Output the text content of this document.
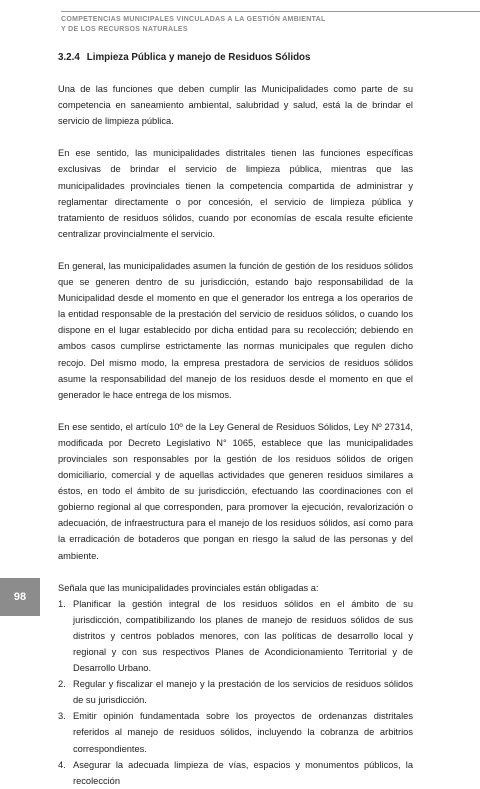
COMPETENCIAS MUNICIPALES VINCULADAS A LA GESTIÓN AMBIENTAL
Y DE LOS RECURSOS NATURALES
3.2.4 Limpieza Pública y manejo de Residuos Sólidos

Una de las funciones que deben cumplir las Municipalidades como parte de su competencia en saneamiento ambiental, salubridad y salud, está la de brindar el servicio de limpieza pública.

En ese sentido, las municipalidades distritales tienen las funciones específicas exclusivas de brindar el servicio de limpieza pública, mientras que las municipalidades provinciales tienen la competencia compartida de administrar y reglamentar directamente o por concesión, el servicio de limpieza pública y tratamiento de residuos sólidos, cuando por economías de escala resulte eficiente centralizar provincialmente el servicio.

En general, las municipalidades asumen la función de gestión de los residuos sólidos que se generen dentro de su jurisdicción, estando bajo responsabilidad de la Municipalidad desde el momento en que el generador los entrega a los operarios de la entidad responsable de la prestación del servicio de residuos sólidos, o cuando los dispone en el lugar establecido por dicha entidad para su recolección; debiendo en ambos casos cumplirse estrictamente las normas municipales que regulen dicho recojo. Del mismo modo, la empresa prestadora de servicios de residuos sólidos asume la responsabilidad del manejo de los residuos desde el momento en que el generador le hace entrega de los mismos.

En ese sentido, el artículo 10º de la Ley General de Residuos Sólidos, Ley Nº 27314, modificada por Decreto Legislativo N° 1065, establece que las municipalidades provinciales son responsables por la gestión de los residuos sólidos de origen domiciliario, comercial y de aquellas actividades que generen residuos similares a éstos, en todo el ámbito de su jurisdicción, efectuando las coordinaciones con el gobierno regional al que corresponden, para promover la ejecución, revalorización o adecuación, de infraestructura para el manejo de los residuos sólidos, así como para la erradicación de botaderos que pongan en riesgo la salud de las personas y del ambiente.

Señala que las municipalidades provinciales están obligadas a:

1. Planificar la gestión integral de los residuos sólidos en el ámbito de su jurisdicción, compatibilizando los planes de manejo de residuos sólidos de sus distritos y centros poblados menores, con las políticas de desarrollo local y regional y con sus respectivos Planes de Acondicionamiento Territorial y de Desarrollo Urbano.
2. Regular y fiscalizar el manejo y la prestación de los servicios de residuos sólidos de su jurisdicción.
3. Emitir opinión fundamentada sobre los proyectos de ordenanzas distritales referidos al manejo de residuos sólidos, incluyendo la cobranza de arbitrios correspondientes.
4. Asegurar la adecuada limpieza de vías, espacios y monumentos públicos, la recolección
98
